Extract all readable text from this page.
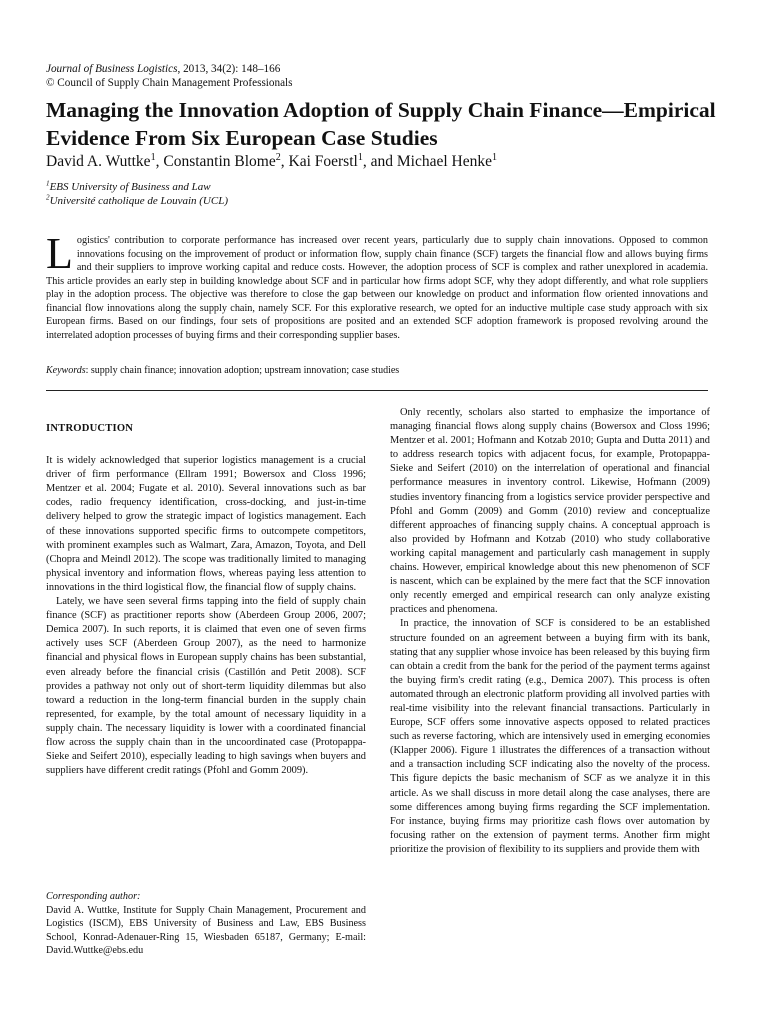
Journal of Business Logistics, 2013, 34(2): 148–166
© Council of Supply Chain Management Professionals
Managing the Innovation Adoption of Supply Chain Finance—Empirical Evidence From Six European Case Studies
David A. Wuttke$^1$, Constantin Blome$^2$, Kai Foerstl$^1$, and Michael Henke$^1$
$^1$EBS University of Business and Law
$^2$Université catholique de Louvain (UCL)

Logistics' contribution to corporate performance has increased over recent years, particularly due to supply chain innovations. Opposed to common innovations focusing on the improvement of product or information flow, supply chain finance (SCF) targets the financial flow and allows buying firms and their suppliers to improve working capital and reduce costs. However, the adoption process of SCF is complex and rather unexplored in academia. This article provides an early step in building knowledge about SCF and in particular how firms adopt SCF, why they adopt differently, and what role suppliers play in the adoption process. The objective was therefore to close the gap between our knowledge on product and information flow oriented innovations and financial flow innovations along the supply chain, namely SCF. For this explorative research, we opted for an inductive multiple case study approach with six European firms. Based on our findings, four sets of propositions are posited and an extended SCF adoption framework is proposed revolving around the interrelated adoption processes of buying firms and their corresponding supplier bases.

Keywords: supply chain finance; innovation adoption; upstream innovation; case studies
INTRODUCTION

It is widely acknowledged that superior logistics management is a crucial driver of firm performance (Ellram 1991; Bowersox and Closs 1996; Mentzer et al. 2004; Fugate et al. 2010). Several innovations such as bar codes, radio frequency identification, cross-docking, and just-in-time delivery helped to grow the strategic impact of logistics management. Each of these innovations supported specific firms to outcompete competitors, with prominent examples such as Walmart, Zara, Amazon, Toyota, and Dell (Chopra and Meindl 2012). The scope was traditionally limited to managing physical inventory and information flows, whereas paying less attention to innovations in the third logistical flow, the financial flow of supply chains.

Lately, we have seen several firms tapping into the field of supply chain finance (SCF) as practitioner reports show (Aberdeen Group 2006, 2007; Demica 2007). In such reports, it is claimed that even one of seven firms actively uses SCF (Aberdeen Group 2007), as the need to harmonize financial and physical flows in European supply chains has been substantial, even already before the financial crisis (Castillón and Petit 2008). SCF provides a pathway not only out of short-term liquidity dilemmas but also toward a reduction in the long-term financial burden in the supply chain represented, for example, by the total amount of necessary liquidity in a supply chain. The necessary liquidity is lower with a coordinated financial flow across the supply chain than in the uncoordinated case (Protopappa-Sieke and Seifert 2010), especially leading to high savings when buyers and suppliers have different credit ratings (Pfohl and Gomm 2009).

Only recently, scholars also started to emphasize the importance of managing financial flows along supply chains (Bowersox and Closs 1996; Mentzer et al. 2001; Hofmann and Kotzab 2010; Gupta and Dutta 2011) and to address research topics with adjacent focus, for example, Protopappa-Sieke and Seifert (2010) on the interrelation of operational and financial performance measures in inventory control. Likewise, Hofmann (2009) studies inventory financing from a logistics service provider perspective and Pfohl and Gomm (2009) and Gomm (2010) review and conceptualize different approaches of financing supply chains. A conceptual approach is also provided by Hofmann and Kotzab (2010) who study collaborative working capital management and particularly cash management in supply chains. However, empirical knowledge about this new phenomenon of SCF is nascent, which can be explained by the mere fact that the SCF innovation only recently emerged and empirical research can only analyze existing practices and phenomena.

In practice, the innovation of SCF is considered to be an established structure founded on an agreement between a buying firm with its bank, stating that any supplier whose invoice has been released by this buying firm can obtain a credit from the bank for the period of the payment terms against the buying firm's credit rating (e.g., Demica 2007). This process is often automated through an electronic platform providing all involved parties with real-time visibility into the relevant financial transactions. Particularly in Europe, SCF offers some innovative aspects opposed to related practices such as reverse factoring, which are intensively used in emerging economies (Klapper 2006). Figure 1 illustrates the differences of a transaction without and a transaction including SCF indicating also the novelty of the process. This figure depicts the basic mechanism of SCF as we analyze it in this article. As we shall discuss in more detail along the case analyses, there are some differences among buying firms regarding the SCF implementation. For instance, buying firms may prioritize cash flows over automation by focusing rather on the extension of payment terms. Another firm might prioritize the provision of flexibility to its suppliers and provide them with

Corresponding author:
David A. Wuttke, Institute for Supply Chain Management, Procurement and Logistics (ISCM), EBS University of Business and Law, EBS Business School, Konrad-Adenauer-Ring 15, Wiesbaden 65187, Germany; E-mail: David.Wuttke@ebs.edu
